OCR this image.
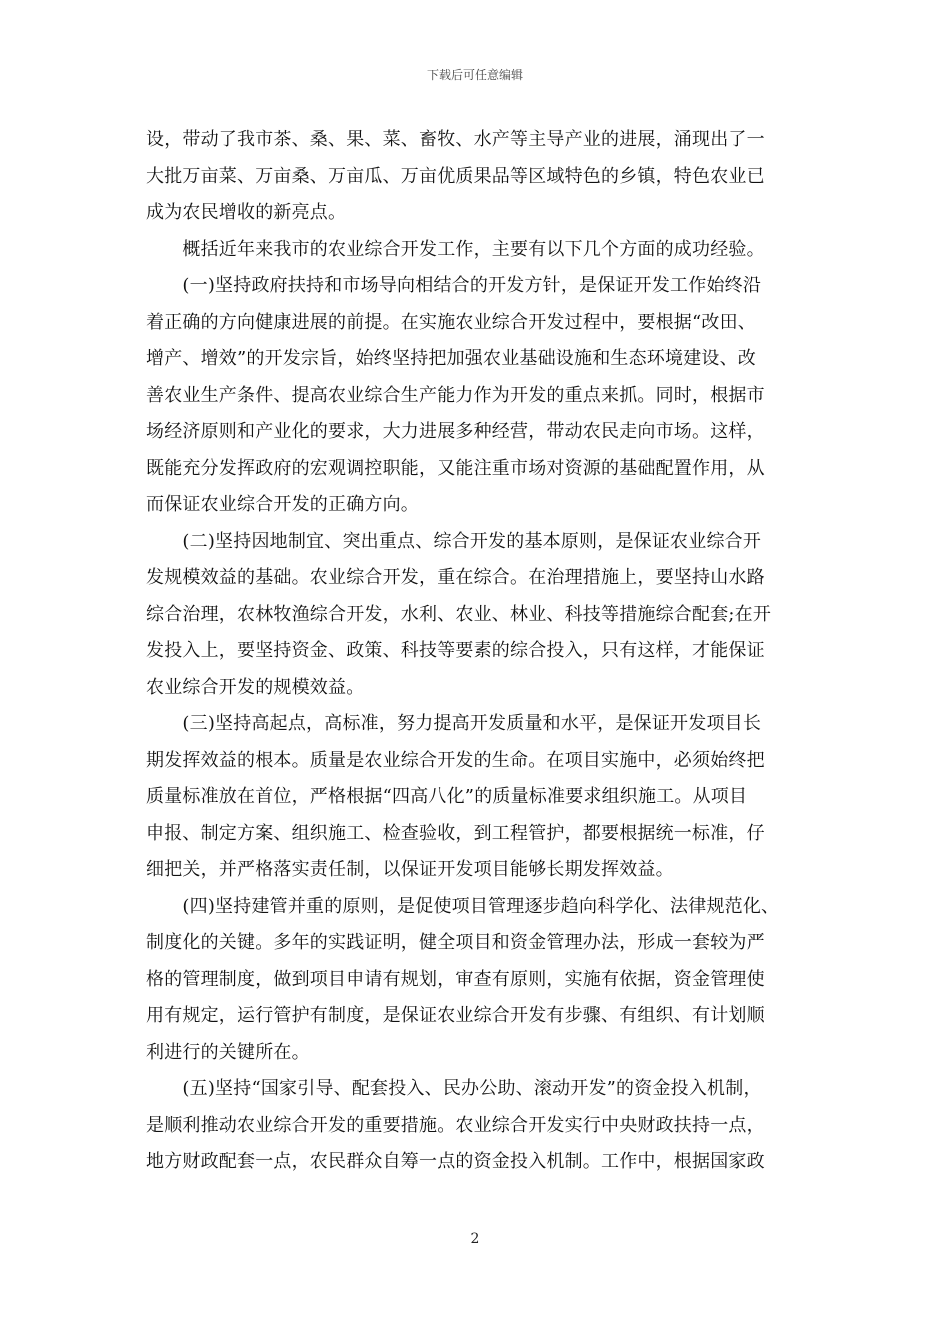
下载后可任意编辑

设，带动了我市茶、桑、果、菜、畜牧、水产等主导产业的进展，涌现出了一
大批万亩菜、万亩桑、万亩瓜、万亩优质果品等区域特色的乡镇，特色农业已
成为农民增收的新亮点。

　　概括近年来我市的农业综合开发工作，主要有以下几个方面的成功经验。

　　(一)坚持政府扶持和市场导向相结合的开发方针，是保证开发工作始终沿
着正确的方向健康进展的前提。在实施农业综合开发过程中，要根据“改田、
增产、增效”的开发宗旨，始终坚持把加强农业基础设施和生态环境建设、改
善农业生产条件、提高农业综合生产能力作为开发的重点来抓。同时，根据市
场经济原则和产业化的要求，大力进展多种经营，带动农民走向市场。这样，
既能充分发挥政府的宏观调控职能，又能注重市场对资源的基础配置作用，从
而保证农业综合开发的正确方向。

　　(二)坚持因地制宜、突出重点、综合开发的基本原则，是保证农业综合开
发规模效益的基础。农业综合开发，重在综合。在治理措施上，要坚持山水路
综合治理，农林牧渔综合开发，水利、农业、林业、科技等措施综合配套;在开
发投入上，要坚持资金、政策、科技等要素的综合投入，只有这样，才能保证
农业综合开发的规模效益。

　　(三)坚持高起点，高标准，努力提高开发质量和水平，是保证开发项目长
期发挥效益的根本。质量是农业综合开发的生命。在项目实施中，必须始终把
质量标准放在首位，严格根据“四高八化”的质量标准要求组织施工。从项目
申报、制定方案、组织施工、检查验收，到工程管护，都要根据统一标准，仔
细把关，并严格落实责任制，以保证开发项目能够长期发挥效益。

　　(四)坚持建管并重的原则，是促使项目管理逐步趋向科学化、法律规范化、
制度化的关键。多年的实践证明，健全项目和资金管理办法，形成一套较为严
格的管理制度，做到项目申请有规划，审查有原则，实施有依据，资金管理使
用有规定，运行管护有制度，是保证农业综合开发有步骤、有组织、有计划顺
利进行的关键所在。

　　(五)坚持“国家引导、配套投入、民办公助、滚动开发”的资金投入机制，
是顺利推动农业综合开发的重要措施。农业综合开发实行中央财政扶持一点，
地方财政配套一点，农民群众自筹一点的资金投入机制。工作中，根据国家政

2
